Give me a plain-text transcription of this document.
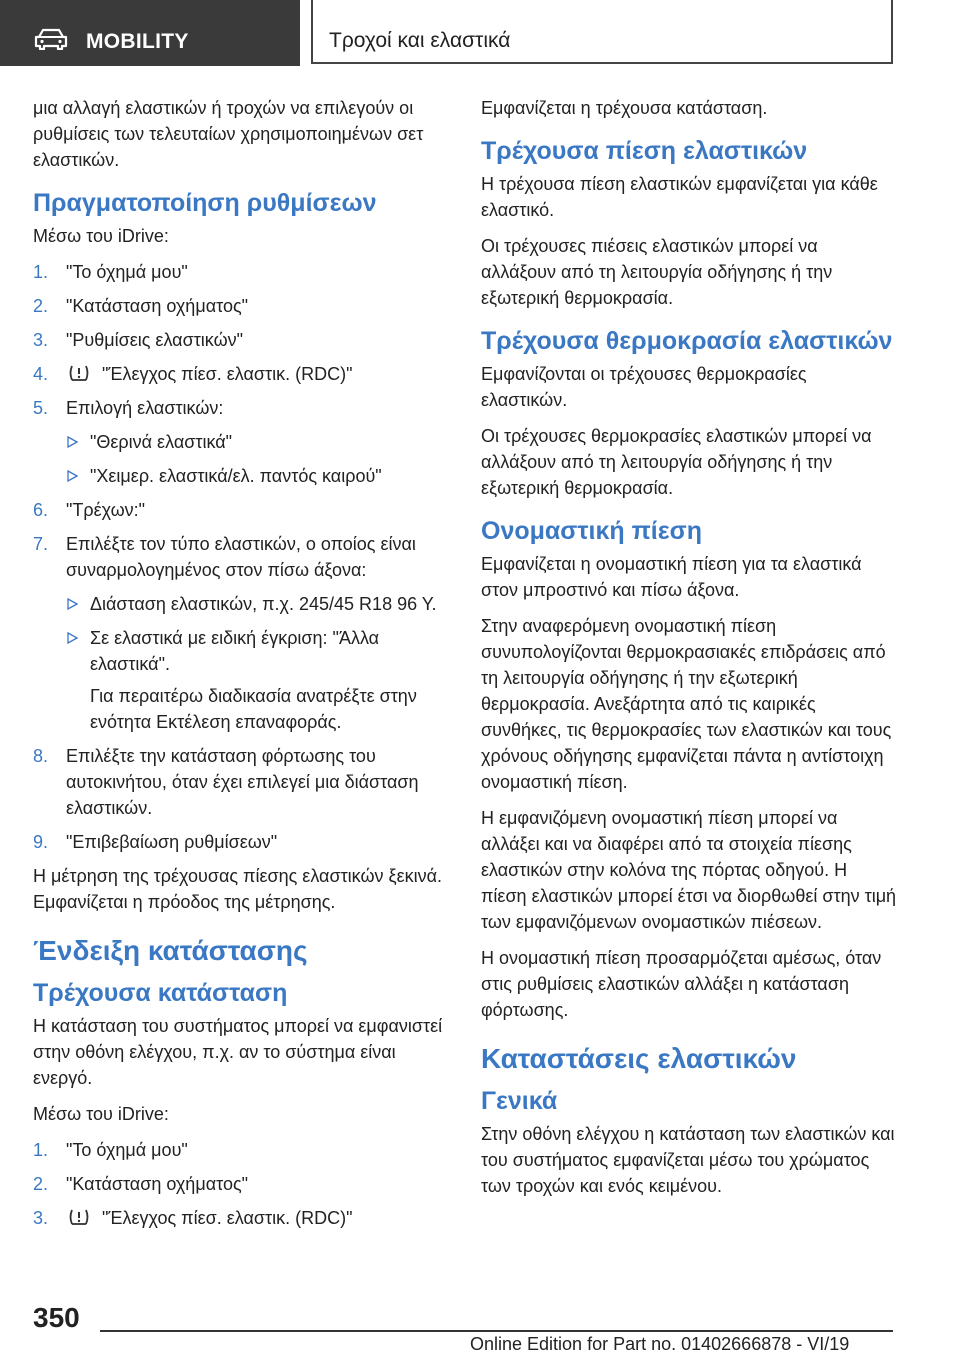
MOBILITY	Τροχοί και ελαστικά

μια αλλαγή ελαστικών ή τροχών να επιλεγούν οι ρυθμίσεις των τελευταίων χρησιμοποιημένων σετ ελαστικών.

Πραγματοποίηση ρυθμίσεων

Μέσω του iDrive:

1. "Το όχημά μου"
2. "Κατάσταση οχήματος"
3. "Ρυθμίσεις ελαστικών"
4.	"Έλεγχος πίεσ. ελαστικ. (RDC)"
5. Επιλογή ελαστικών:
"Θερινά ελαστικά"
"Χειμερ. ελαστικά/ελ. παντός καιρού"
6. "Τρέχων:"
7. Επιλέξτε τον τύπο ελαστικών, ο οποίος είναι συναρμολογημένος στον πίσω άξονα:
Διάσταση ελαστικών, π.χ. 245/45 R18 96 Y.
Σε ελαστικά με ειδική έγκριση: "Άλλα ελαστικά".
Για περαιτέρω διαδικασία ανατρέξτε στην ενότητα Εκτέλεση επαναφοράς.
8. Επιλέξτε την κατάσταση φόρτωσης του αυτοκινήτου, όταν έχει επιλεγεί μια διάσταση ελαστικών.
9. "Επιβεβαίωση ρυθμίσεων"

Η μέτρηση της τρέχουσας πίεσης ελαστικών ξεκινά. Εμφανίζεται η πρόοδος της μέτρησης.

Ένδειξη κατάστασης
Τρέχουσα κατάσταση

Η κατάσταση του συστήματος μπορεί να εμφανιστεί στην οθόνη ελέγχου, π.χ. αν το σύστημα είναι ενεργό.

Μέσω του iDrive:

1. "Το όχημά μου"
2. "Κατάσταση οχήματος"
3.	"Έλεγχος πίεσ. ελαστικ. (RDC)"

Εμφανίζεται η τρέχουσα κατάσταση.

Τρέχουσα πίεση ελαστικών

Η τρέχουσα πίεση ελαστικών εμφανίζεται για κάθε ελαστικό.

Οι τρέχουσες πιέσεις ελαστικών μπορεί να αλλάξουν από τη λειτουργία οδήγησης ή την εξωτερική θερμοκρασία.

Τρέχουσα θερμοκρασία ελαστικών

Εμφανίζονται οι τρέχουσες θερμοκρασίες ελαστικών.

Οι τρέχουσες θερμοκρασίες ελαστικών μπορεί να αλλάξουν από τη λειτουργία οδήγησης ή την εξωτερική θερμοκρασία.

Ονομαστική πίεση

Εμφανίζεται η ονομαστική πίεση για τα ελαστικά στον μπροστινό και πίσω άξονα.

Στην αναφερόμενη ονομαστική πίεση συνυπολογίζονται θερμοκρασιακές επιδράσεις από τη λειτουργία οδήγησης ή την εξωτερική θερμοκρασία. Ανεξάρτητα από τις καιρικές συνθήκες, τις θερμοκρασίες των ελαστικών και τους χρόνους οδήγησης εμφανίζεται πάντα η αντίστοιχη ονομαστική πίεση.

Η εμφανιζόμενη ονομαστική πίεση μπορεί να αλλάξει και να διαφέρει από τα στοιχεία πίεσης ελαστικών στην κολόνα της πόρτας οδηγού. Η πίεση ελαστικών μπορεί έτσι να διορθωθεί στην τιμή των εμφανιζόμενων ονομαστικών πιέσεων.

Η ονομαστική πίεση προσαρμόζεται αμέσως, όταν στις ρυθμίσεις ελαστικών αλλάξει η κατάσταση φόρτωσης.

Καταστάσεις ελαστικών
Γενικά

Στην οθόνη ελέγχου η κατάσταση των ελαστικών και του συστήματος εμφανίζεται μέσω του χρώματος των τροχών και ενός κειμένου.

350
Online Edition for Part no. 01402666878 - VI/19
